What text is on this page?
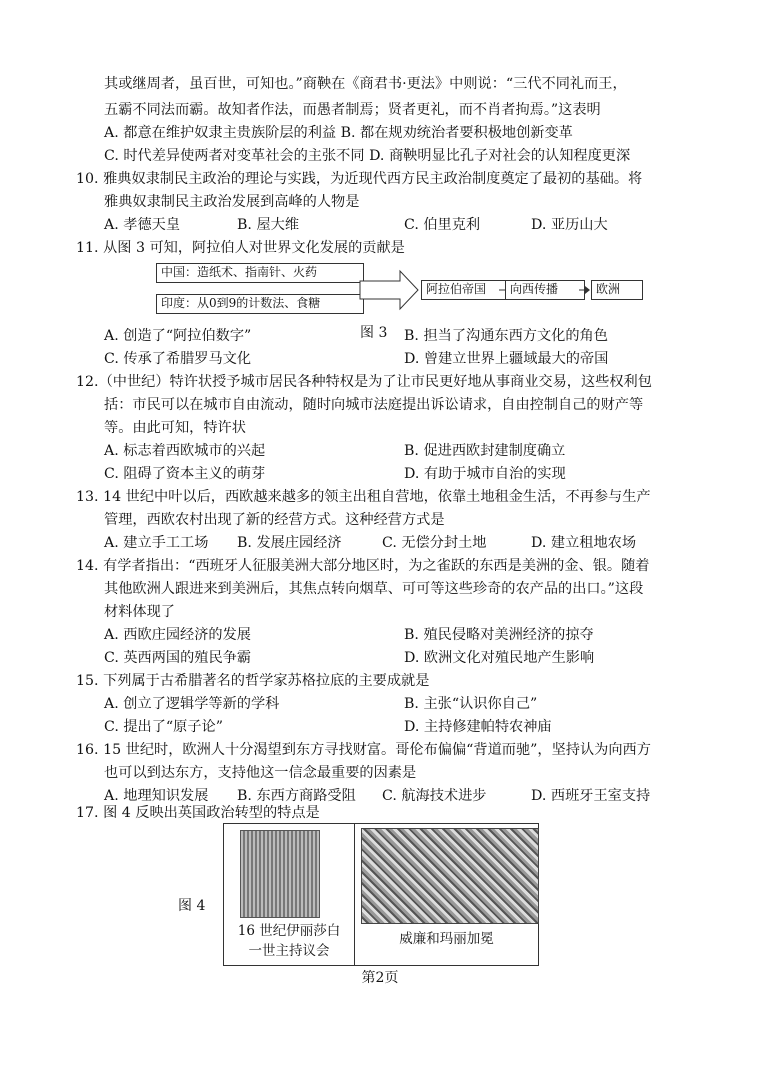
其或继周者，虽百世，可知也。”商鞅在《商君书·更法》中则说：“三代不同礼而王，
五霸不同法而霸。故知者作法，而愚者制焉；贤者更礼，而不肖者拘焉。”这表明
A. 都意在维护奴隶主贵族阶层的利益 B. 都在规劝统治者要积极地创新变革
C. 时代差异使两者对变革社会的主张不同 D. 商鞅明显比孔子对社会的认知程度更深
10. 雅典奴隶制民主政治的理论与实践，为近现代西方民主政治制度奠定了最初的基础。将
雅典奴隶制民主政治发展到高峰的人物是
A. 孝德天皇	B. 屋大维	C. 伯里克利	D. 亚历山大
11. 从图 3 可知，阿拉伯人对世界文化发展的贡献是
中国：造纸术、指南针、火药
印度：从0到9的计数法、食糖
阿拉伯帝国	向西传播	欧洲
图 3
A. 创造了“阿拉伯数字”	B. 担当了沟通东西方文化的角色
C. 传承了希腊罗马文化	D. 曾建立世界上疆域最大的帝国
12.（中世纪）特许状授予城市居民各种特权是为了让市民更好地从事商业交易，这些权利包
括：市民可以在城市自由流动，随时向城市法庭提出诉讼请求，自由控制自己的财产等
等。由此可知，特许状
A. 标志着西欧城市的兴起	B. 促进西欧封建制度确立
C. 阻碍了资本主义的萌芽	D. 有助于城市自治的实现
13. 14 世纪中叶以后，西欧越来越多的领主出租自营地，依靠土地租金生活，不再参与生产
管理，西欧农村出现了新的经营方式。这种经营方式是
A. 建立手工工场 B. 发展庄园经济	C. 无偿分封土地	D. 建立租地农场
14. 有学者指出：“西班牙人征服美洲大部分地区时，为之雀跃的东西是美洲的金、银。随着
其他欧洲人跟进来到美洲后，其焦点转向烟草、可可等这些珍奇的农产品的出口。”这段
材料体现了
A. 西欧庄园经济的发展	B. 殖民侵略对美洲经济的掠夺
C. 英西两国的殖民争霸	D. 欧洲文化对殖民地产生影响
15. 下列属于古希腊著名的哲学家苏格拉底的主要成就是
A. 创立了逻辑学等新的学科	B. 主张“认识你自己”
C. 提出了“原子论”	D. 主持修建帕特农神庙
16. 15 世纪时，欧洲人十分渴望到东方寻找财富。哥伦布偏偏“背道而驰”，坚持认为向西方
也可以到达东方，支持他这一信念最重要的因素是
A. 地理知识发展 B. 东西方商路受阻 C. 航海技术进步	D. 西班牙王室支持
17. 图 4 反映出英国政治转型的特点是
图 4
16 世纪伊丽莎白
一世主持议会
威廉和玛丽加冕
第2页
